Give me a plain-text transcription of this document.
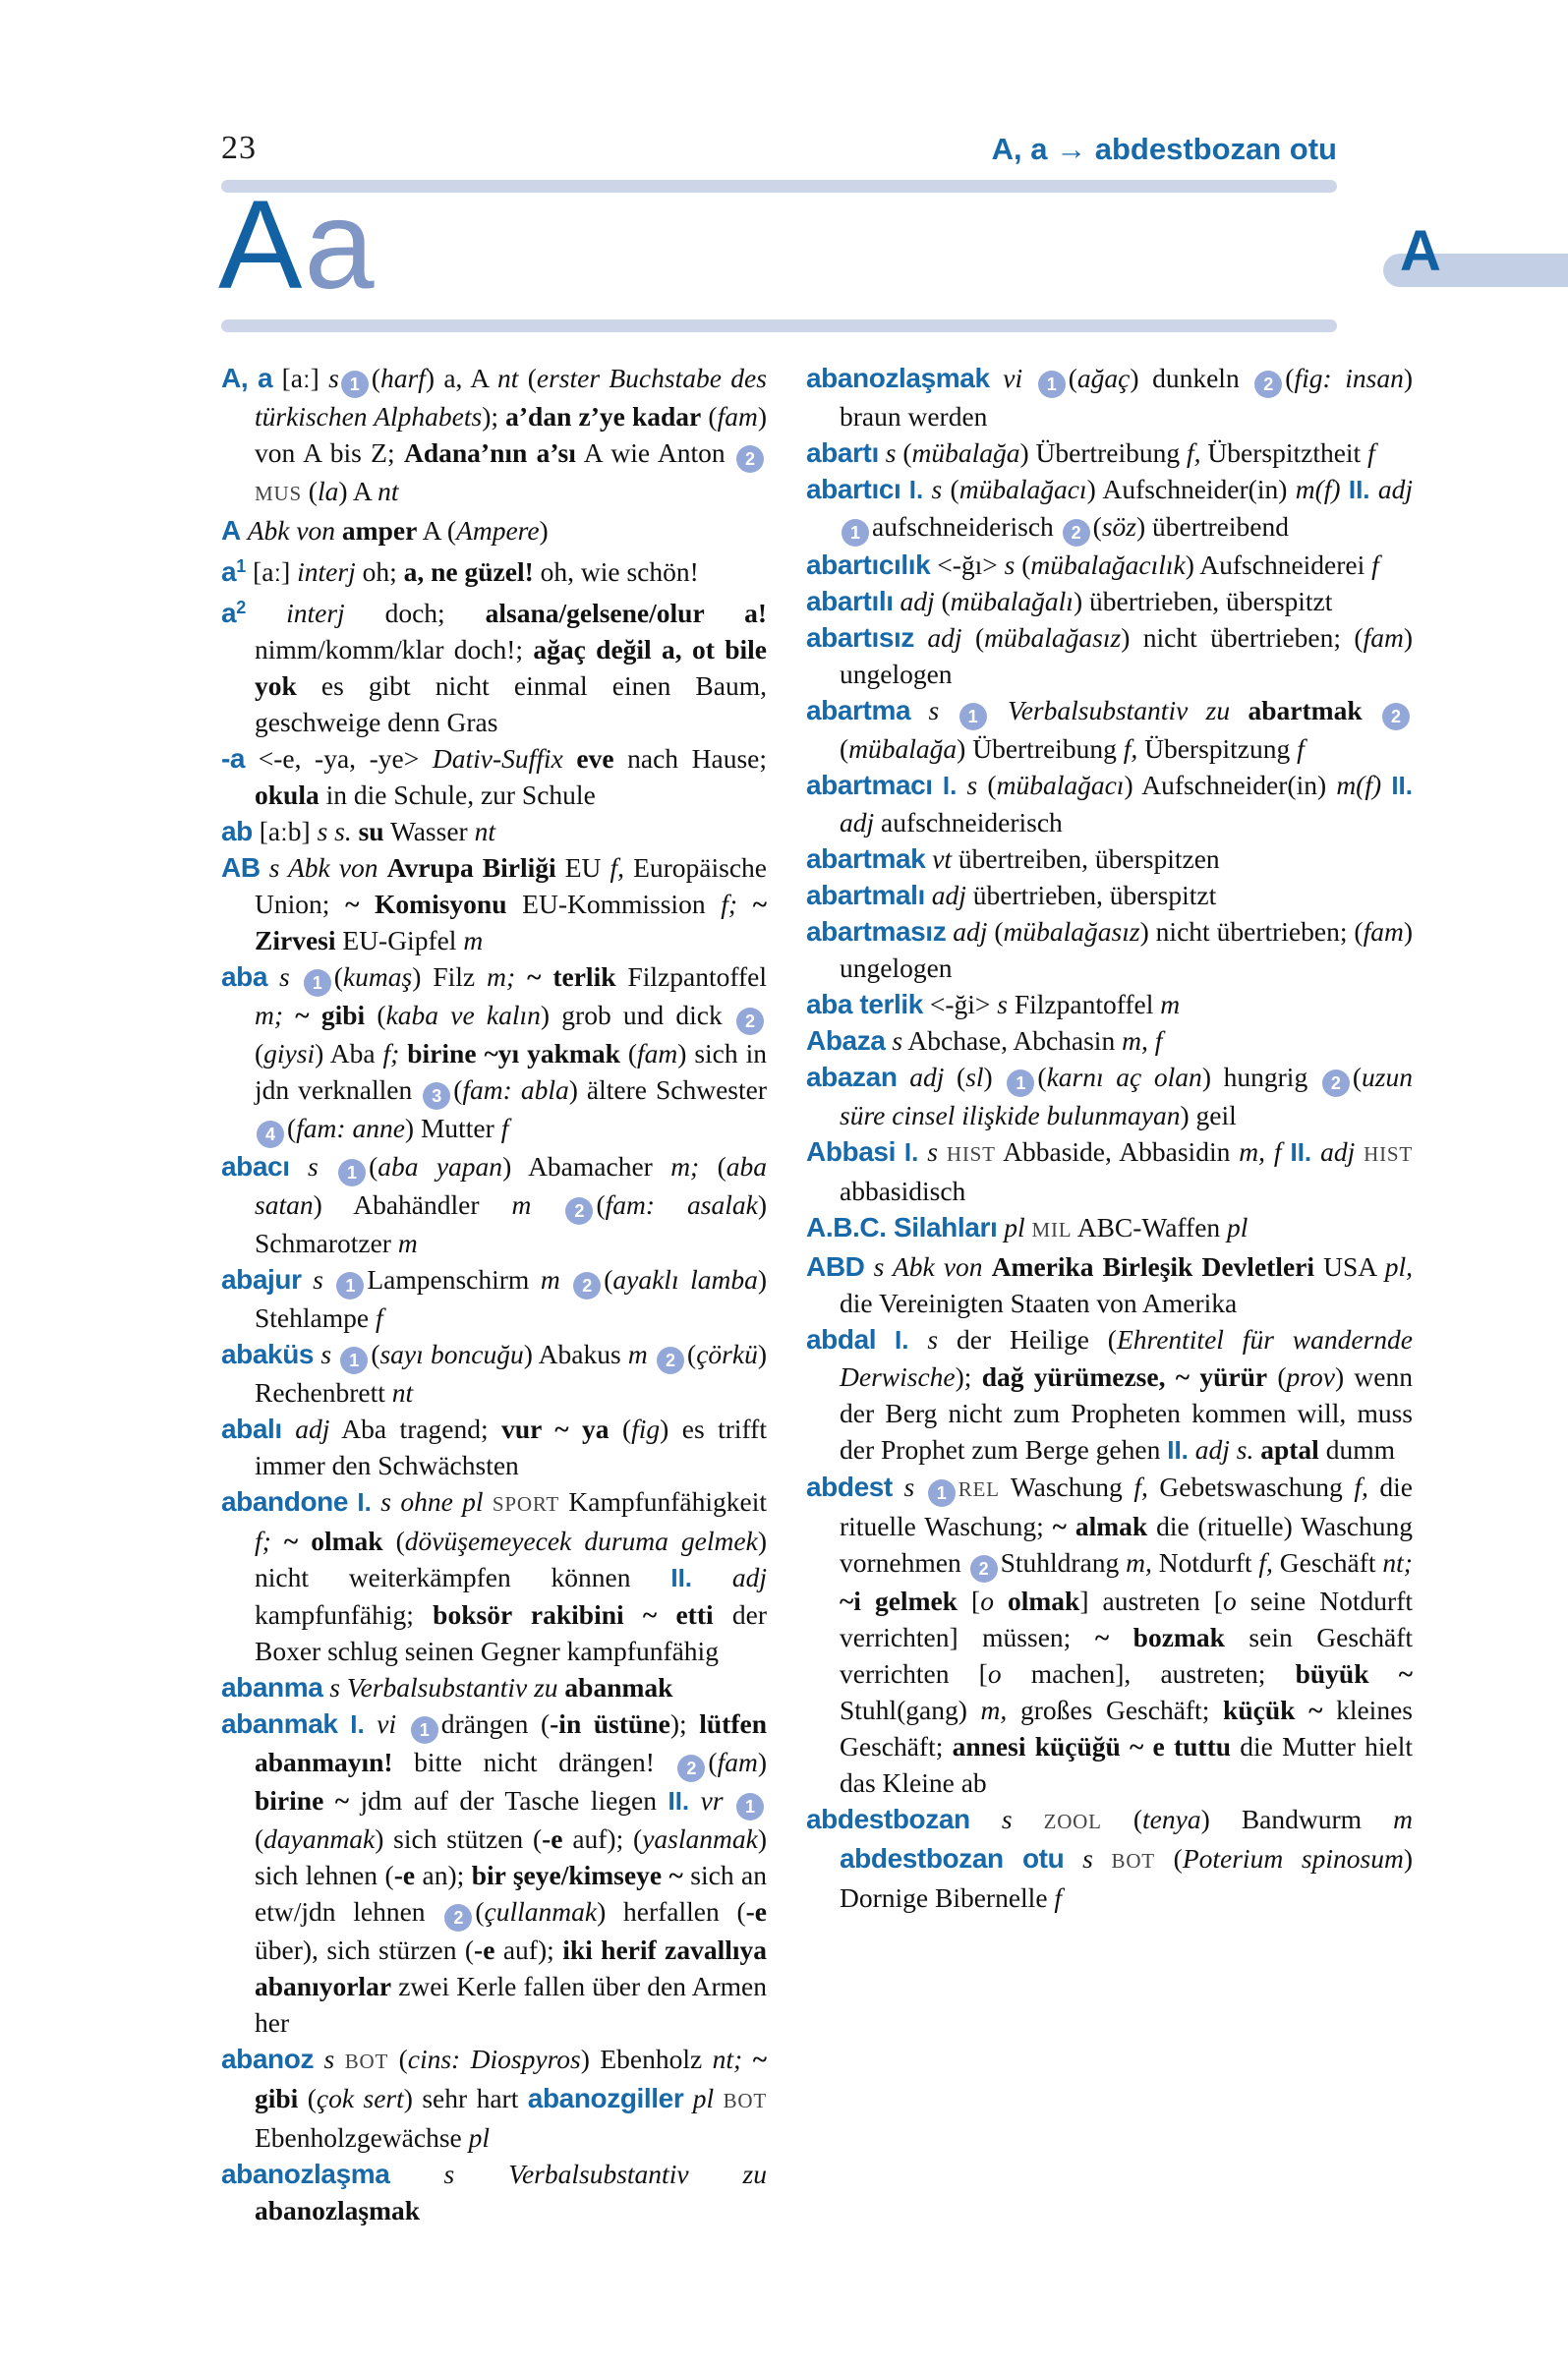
23	A, a → abdestbozan otu
Aa	A

A, a [aː] s 1 (harf) a, A nt (erster Buchstabe des türkischen Alphabets); a’dan z’ye kadar (fam) von A bis Z; Adana’nın a’sı A wie Anton 2MUS (la) A nt

A Abk von amper A (Ampere)

$a^1$ [aː] interj oh; a, ne güzel! oh, wie schön!

$a^2$ interj doch; alsana/gelsene/olur a! nimm/komm/klar doch!; ağaç değil a, ot bile yok es gibt nicht einmal einen Baum, geschweige denn Gras

-a <-e, -ya, -ye> Dativ-Suffix eve nach Hause; okula in die Schule, zur Schule

ab [aːb] s s. su Wasser nt

AB s Abk von Avrupa Birliği EU f, Europäische Union; ~ Komisyonu EU-Kommission f; ~ Zirvesi EU-Gipfel m

aba s 1 (kumaş) Filz m; ~ terlik Filzpantoffel m; ~ gibi (kaba ve kalın) grob und dick 2(giysi) Aba f; birine ~yı yakmak (fam) sich in jdn verknallen 3 (fam: abla) ältere Schwester 4 (fam: anne) Mutter f

abacı s 1 (aba yapan) Abamacher m; (aba satan) Abahändler m 2 (fam: asalak) Schmarotzer m

abajur s 1 Lampenschirm m 2 (ayaklı lamba) Stehlampe f

abaküs s 1 (sayı boncuğu) Abakus m 2 (çörkü) Rechenbrett nt

abalı adj Aba tragend; vur ~ ya (fig) es trifft immer den Schwächsten

abandone I. s ohne pl SPORT Kampfunfähigkeit f; ~ olmak (dövüşemeyecek duruma gelmek) nicht weiterkämpfen können II. adj kampfunfähig; boksör rakibini ~ etti der Boxer schlug seinen Gegner kampfunfähig

abanma s Verbalsubstantiv zu abanmak

abanmak I. vi 1 drängen (-in üstüne); lütfen abanmayın! bitte nicht drängen! 2 (fam) birine ~ jdm auf der Tasche liegen II. vr 1(dayanmak) sich stützen (-e auf); (yaslanmak) sich lehnen (-e an); bir şeye/kimseye ~ sich an etw/jdn lehnen 2 (çullanmak) herfallen (-e über), sich stürzen (-e auf); iki herif zavallıya abanıyorlar zwei Kerle fallen über den Armen her

abanoz s BOT (cins: Diospyros) Ebenholz nt; ~ gibi (çok sert) sehr hart abanozgiller pl BOT Ebenholzgewächse pl

abanozlaşma s Verbalsubstantiv zu abanozlaşmak

abanozlaşmak vi 1 (ağaç) dunkeln 2 (fig: insan) braun werden

abartı s (mübalağa) Übertreibung f, Überspitztheit f

abartıcı I. s (mübalağacı) Aufschneider(in) m(f) II. adj 1 aufschneiderisch 2 (söz) übertreibend

abartıcılık <-ğı> s (mübalağacılık) Aufschneiderei f

abartılı adj (mübalağalı) übertrieben, überspitzt

abartısız adj (mübalağasız) nicht übertrieben; (fam) ungelogen

abartma s 1 Verbalsubstantiv zu abartmak 2(mübalağa) Übertreibung f, Überspitzung f

abartmacı I. s (mübalağacı) Aufschneider(in) m(f) II. adj aufschneiderisch

abartmak vt übertreiben, überspitzen

abartmalı adj übertrieben, überspitzt

abartmasız adj (mübalağasız) nicht übertrieben; (fam) ungelogen

aba terlik <-ği> s Filzpantoffel m

Abaza s Abchase, Abchasin m, f

abazan adj (sl) 1 (karnı aç olan) hungrig 2 (uzun süre cinsel ilişkide bulunmayan) geil

Abbasi I. s HIST Abbaside, Abbasidin m, f II. adj HIST abbasidisch

A.B.C. Silahları pl MIL ABC-Waffen pl

ABD s Abk von Amerika Birleşik Devletleri USA pl, die Vereinigten Staaten von Amerika

abdal I. s der Heilige (Ehrentitel für wandernde Derwische); dağ yürümezse, ~ yürür (prov) wenn der Berg nicht zum Propheten kommen will, muss der Prophet zum Berge gehen II. adj s. aptal dumm

abdest s 1 REL Waschung f, Gebetswaschung f, die rituelle Waschung; ~ almak die (rituelle) Waschung vornehmen 2 Stuhldrang m, Notdurft f, Geschäft nt; ~i gelmek [o olmak] austreten [o seine Notdurft verrichten] müssen; ~ bozmak sein Geschäft verrichten [o machen], austreten; büyük ~ Stuhl(gang) m, großes Geschäft; küçük ~ kleines Geschäft; annesi küçüğü ~ e tuttu die Mutter hielt das Kleine ab

abdestbozan s ZOOL (tenya) Bandwurm m abdestbozan otu s BOT (Poterium spinosum) Dornige Bibernelle f
